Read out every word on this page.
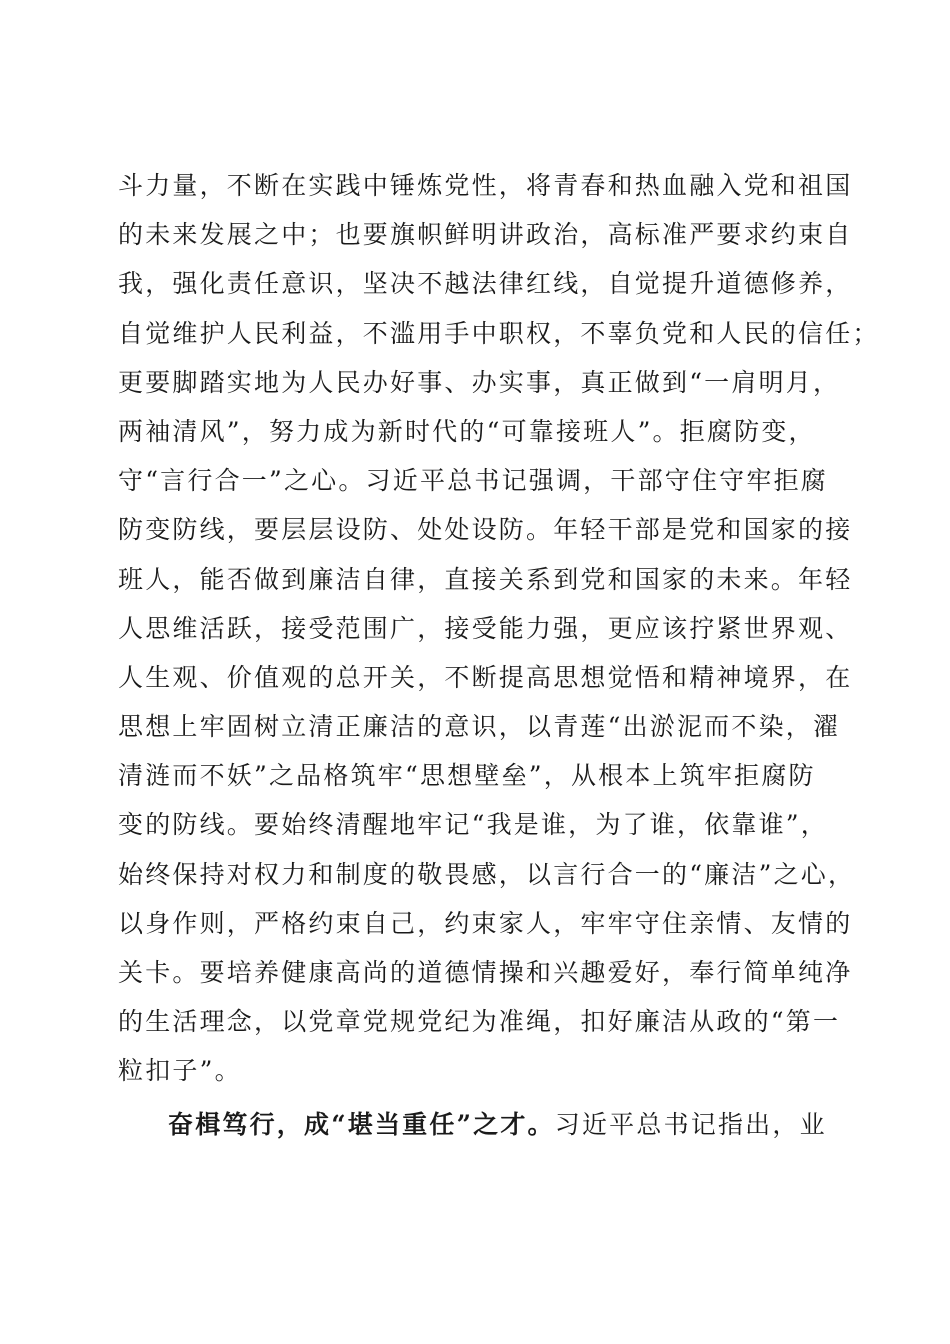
斗力量，不断在实践中锤炼党性，将青春和热血融入党和祖国
的未来发展之中；也要旗帜鲜明讲政治，高标准严要求约束自
我，强化责任意识，坚决不越法律红线，自觉提升道德修养，
自觉维护人民利益，不滥用手中职权，不辜负党和人民的信任；
更要脚踏实地为人民办好事、办实事，真正做到“一肩明月，
两袖清风”，努力成为新时代的“可靠接班人”。拒腐防变，
守“言行合一”之心。习近平总书记强调，干部守住守牢拒腐
防变防线，要层层设防、处处设防。年轻干部是党和国家的接
班人，能否做到廉洁自律，直接关系到党和国家的未来。年轻
人思维活跃，接受范围广，接受能力强，更应该拧紧世界观、
人生观、价值观的总开关，不断提高思想觉悟和精神境界，在
思想上牢固树立清正廉洁的意识，以青莲“出淤泥而不染，濯
清涟而不妖”之品格筑牢“思想壁垒”，从根本上筑牢拒腐防
变的防线。要始终清醒地牢记“我是谁，为了谁，依靠谁”，
始终保持对权力和制度的敬畏感，以言行合一的“廉洁”之心，
以身作则，严格约束自己，约束家人，牢牢守住亲情、友情的
关卡。要培养健康高尚的道德情操和兴趣爱好，奉行简单纯净
的生活理念，以党章党规党纪为准绳，扣好廉洁从政的“第一
粒扣子”。
奋楫笃行，成“堪当重任”之才。习近平总书记指出，业
